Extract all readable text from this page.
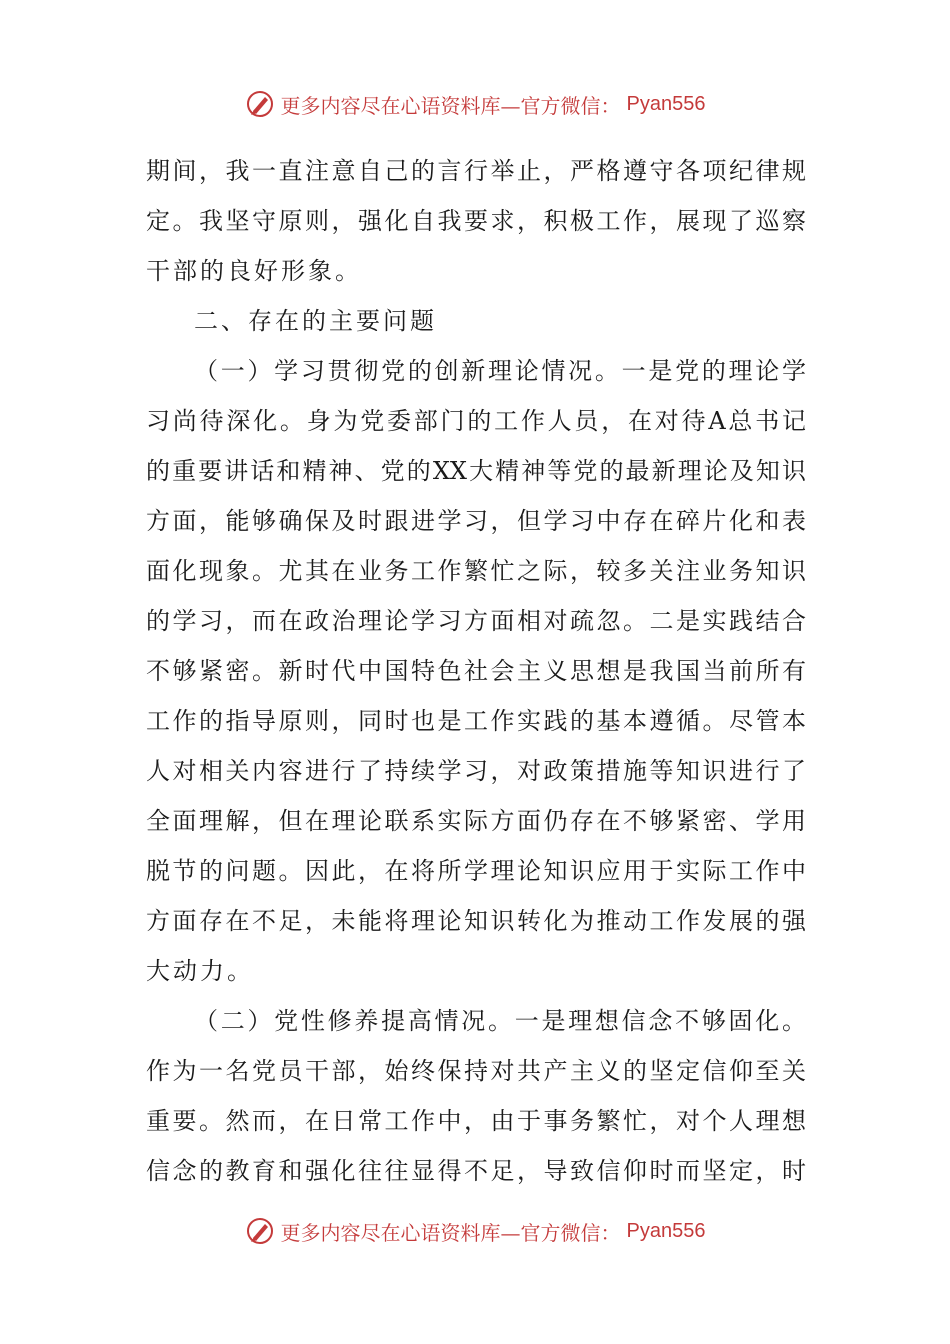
更多内容尽在心语资料库—官方微信： Pyan556
期间，我一直注意自己的言行举止，严格遵守各项纪律规
定。我坚守原则，强化自我要求，积极工作，展现了巡察
干部的良好形象。
二、存在的主要问题
（一）学习贯彻党的创新理论情况。一是党的理论学
习尚待深化。身为党委部门的工作人员，在对待A总书记
的重要讲话和精神、党的XX大精神等党的最新理论及知识
方面，能够确保及时跟进学习，但学习中存在碎片化和表
面化现象。尤其在业务工作繁忙之际，较多关注业务知识
的学习，而在政治理论学习方面相对疏忽。二是实践结合
不够紧密。新时代中国特色社会主义思想是我国当前所有
工作的指导原则，同时也是工作实践的基本遵循。尽管本
人对相关内容进行了持续学习，对政策措施等知识进行了
全面理解，但在理论联系实际方面仍存在不够紧密、学用
脱节的问题。因此，在将所学理论知识应用于实际工作中
方面存在不足，未能将理论知识转化为推动工作发展的强
大动力。
（二）党性修养提高情况。一是理想信念不够固化。
作为一名党员干部，始终保持对共产主义的坚定信仰至关
重要。然而，在日常工作中，由于事务繁忙，对个人理想
信念的教育和强化往往显得不足，导致信仰时而坚定，时
更多内容尽在心语资料库—官方微信： Pyan556
